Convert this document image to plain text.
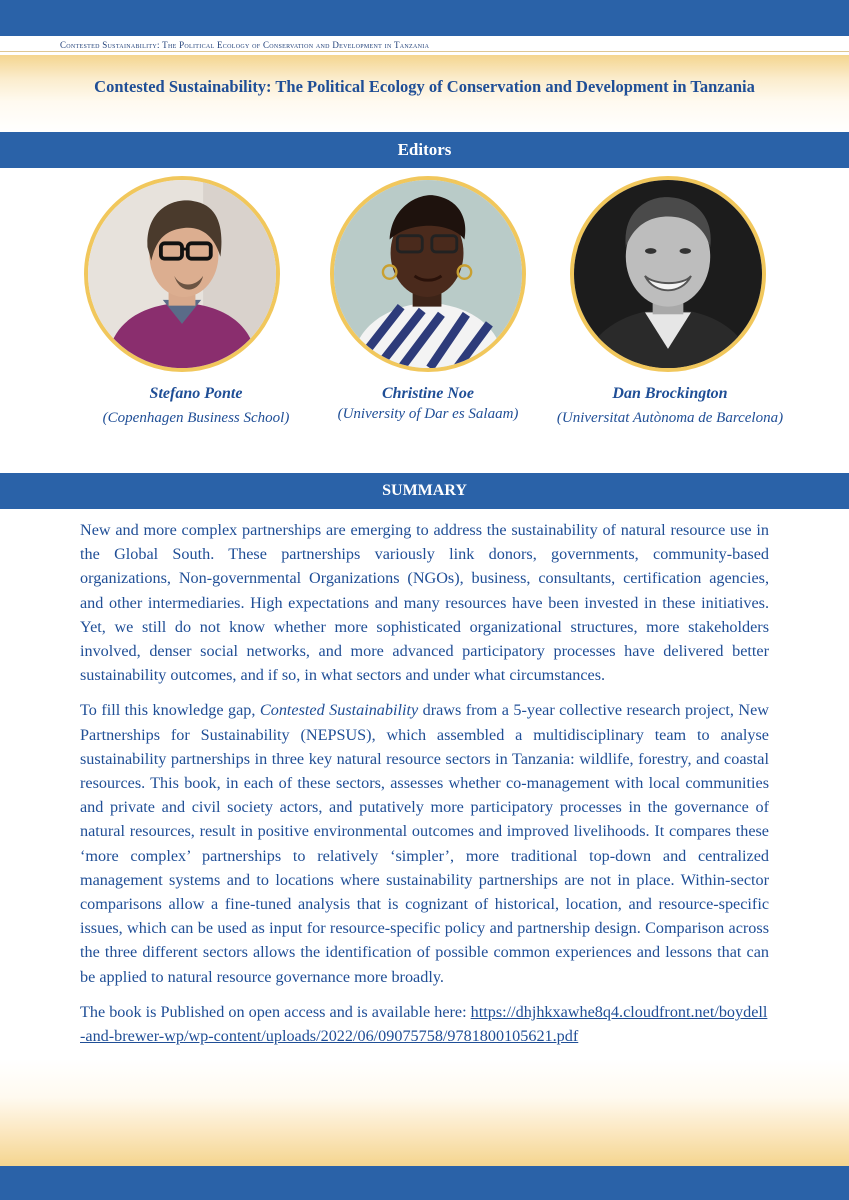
Contested Sustainability: The Political Ecology of Conservation and Development in Tanzania
Contested Sustainability: The Political Ecology of Conservation and Development in Tanzania
Editors
Stefano Ponte
(Copenhagen Business School)
Christine Noe
(University of Dar es Salaam)
Dan Brockington
(Universitat Autònoma de Barcelona)
SUMMARY

New and more complex partnerships are emerging to address the sustainability of natural resource use in the Global South. These partnerships variously link donors, governments, community-based organizations, Non-governmental Organizations (NGOs), business, consultants, certification agencies, and other intermediaries. High expectations and many resources have been invested in these initiatives. Yet, we still do not know whether more sophisticated organizational structures, more stakeholders involved, denser social networks, and more advanced participatory processes have delivered better sustainability outcomes, and if so, in what sectors and under what circumstances.

To fill this knowledge gap, Contested Sustainability draws from a 5-year collective research project, New Partnerships for Sustainability (NEPSUS), which assembled a multidisciplinary team to analyse sustainability partnerships in three key natural resource sectors in Tanzania: wildlife, forestry, and coastal resources. This book, in each of these sectors, assesses whether co-management with local communities and private and civil society actors, and putatively more participatory processes in the governance of natural resources, result in positive environmental outcomes and improved livelihoods. It compares these ‘more complex’ partnerships to relatively ‘simpler’, more traditional top-down and centralized management systems and to locations where sustainability partnerships are not in place. Within-sector comparisons allow a fine-tuned analysis that is cognizant of historical, location, and resource-specific issues, which can be used as input for resource-specific policy and partnership design. Comparison across the three different sectors allows the identification of possible common experiences and lessons that can be applied to natural resource governance more broadly.

The book is Published on open access and is available here: https://dhjhkxawhe8q4.cloudfront.net/boydell-and-brewer-wp/wp-content/uploads/2022/06/09075758/9781800105621.pdf
